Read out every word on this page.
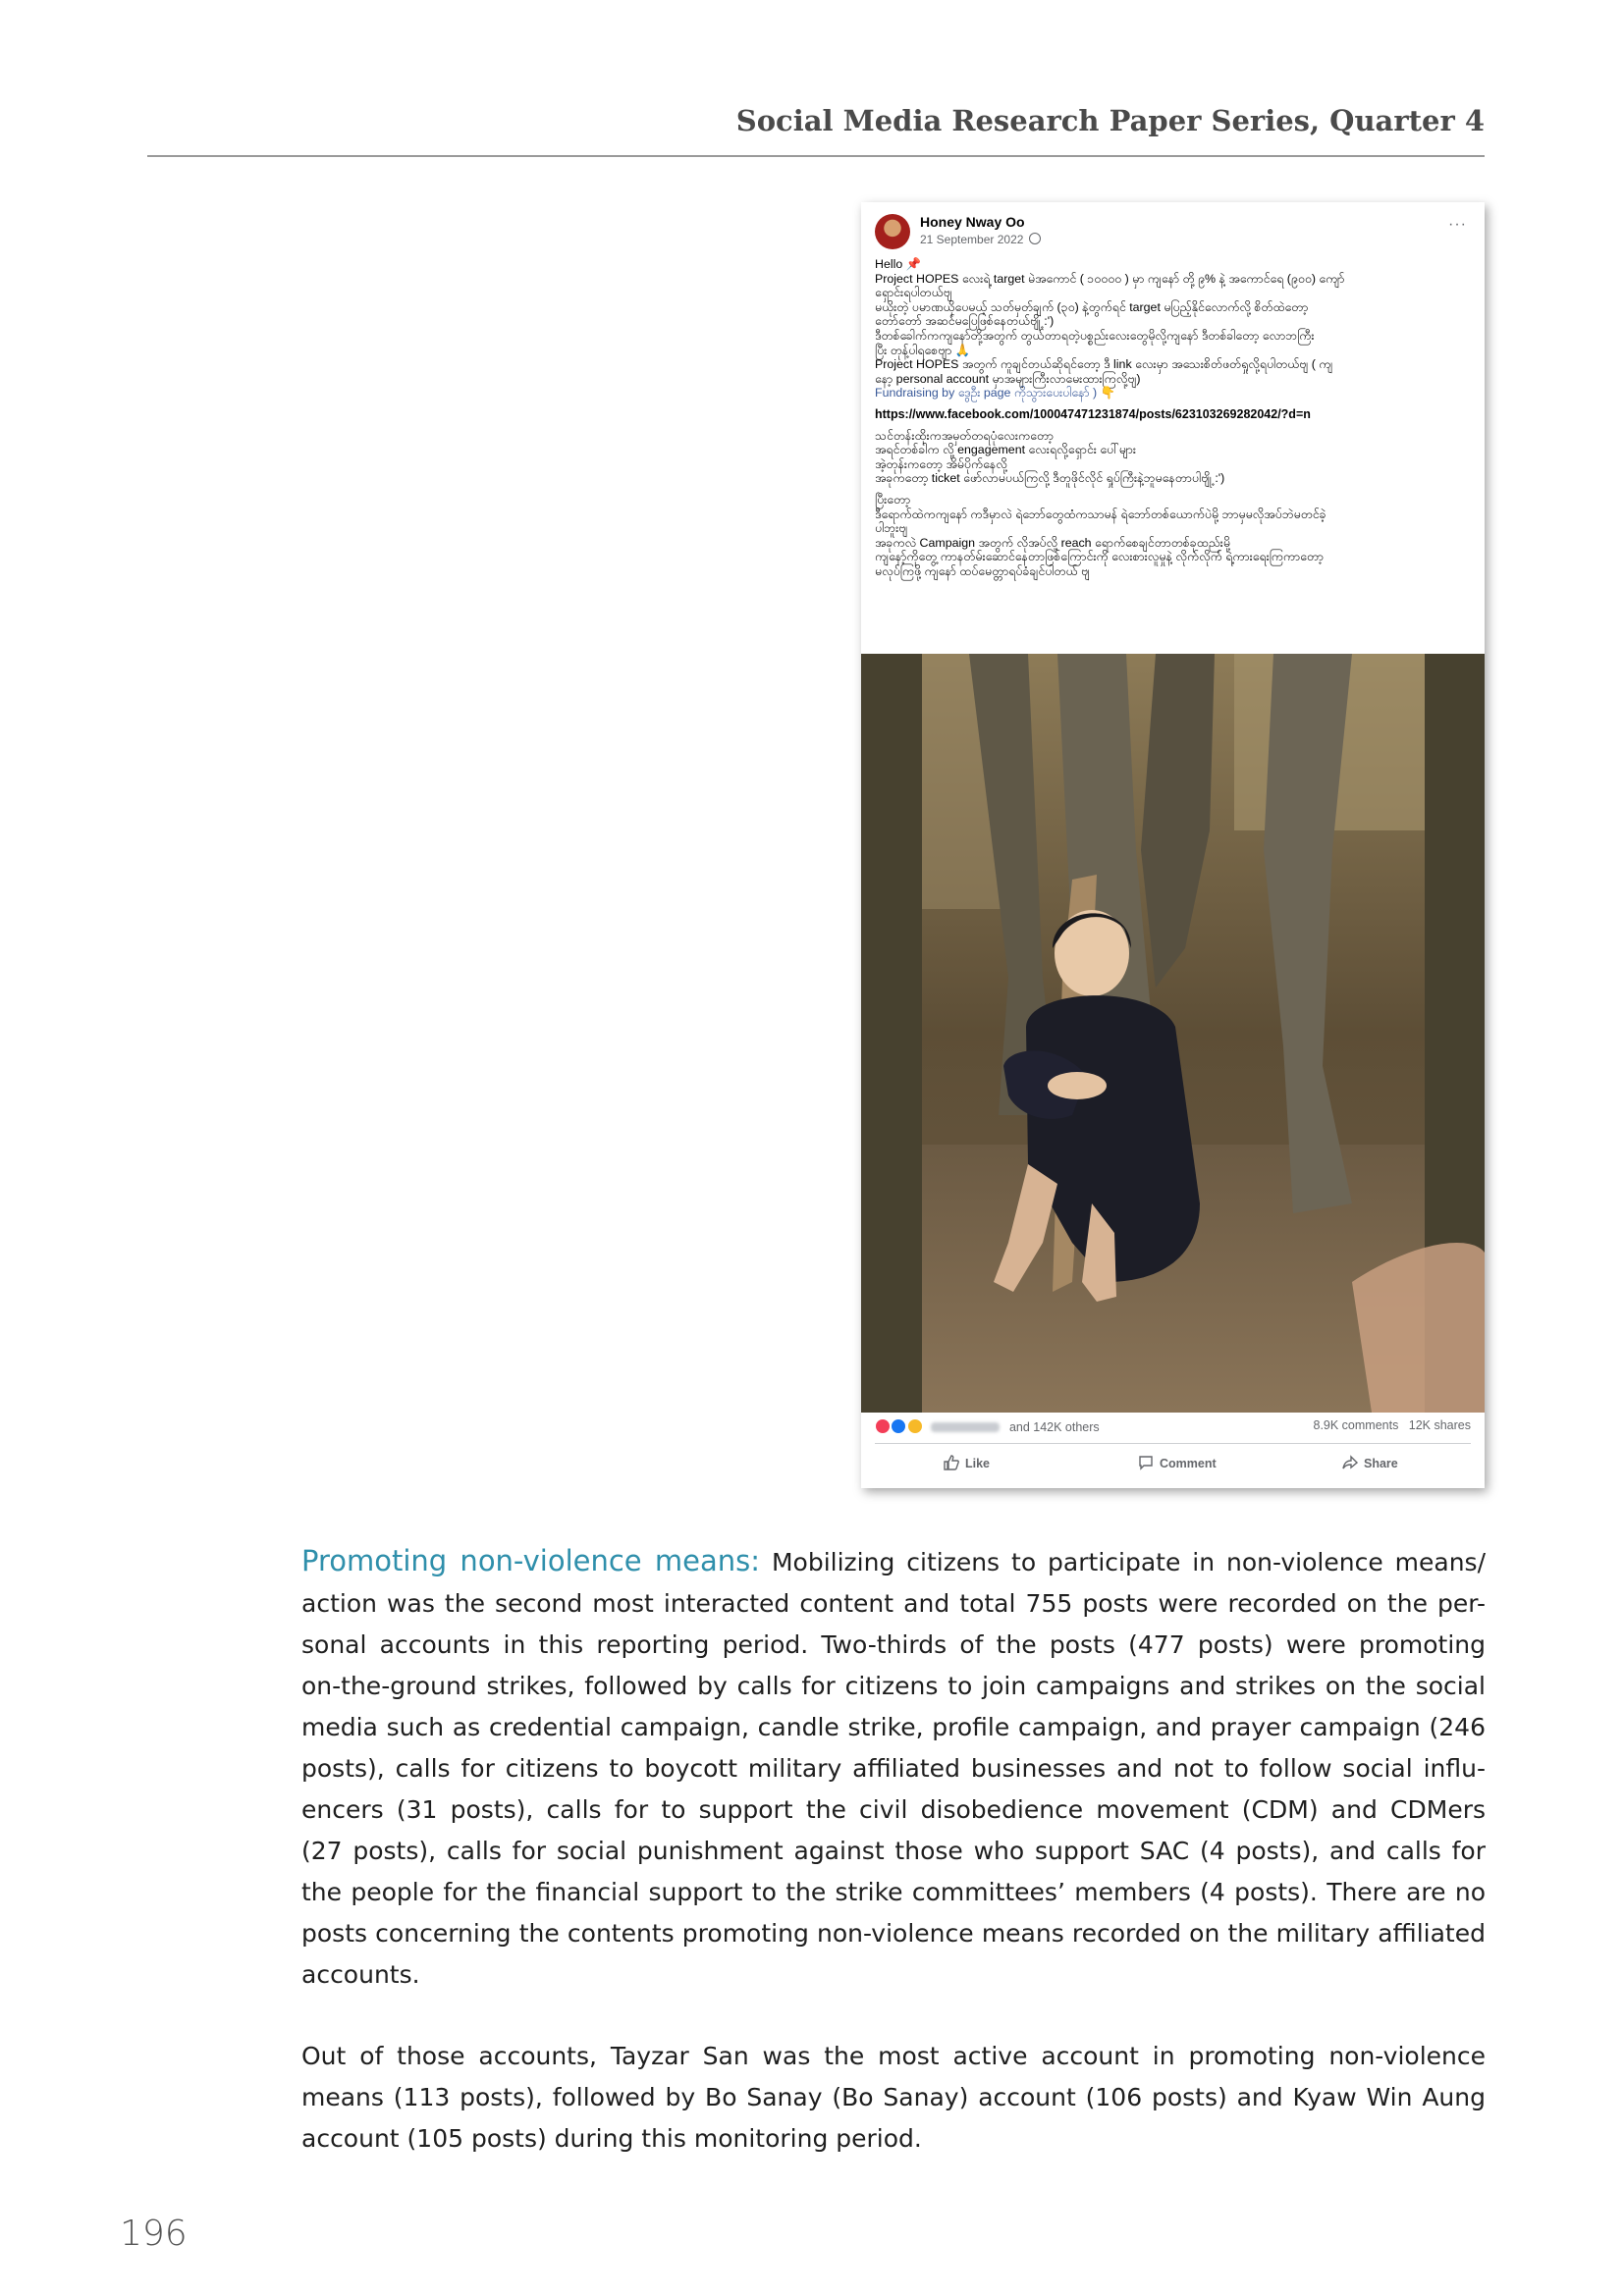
Social Media Research Paper Series, Quarter 4
Honey Nway Oo
21 September 2022
···

Hello 📌
Project HOPES လေးရဲ့ target မဲအကောင် ( ၁၀၀၀၀ ) မှာ ကျနော် တို့ ၉% နဲ့ အကောင်ရေ (၉၀၀) ကျော်
ရှောင်းရပါတယ်ဗျ
မယိုးတဲ့ ပမာဏယိုပေမယ့် သတ်မှတ်ချက် (၃၀) နဲ့တွက်ရင် target မပြည့်နိုင်လောက်လို့ စိတ်ထဲတော့
တော်တော် အဆင်မပြေဖြစ်နေတယ်ဗျို့ :')
ဒီတစ်ခေါက်ကကျနော်တို့အတွက် တွယ်တာရတဲ့ပစ္စည်းလေးတွေမိုလို့ကျနော် ဒီတစ်ခါတော့ လောဘကြီး
ပြီး တုန့်ပါရစေဗျာ 🙏
Project HOPES အတွက် ကူချင်တယ်ဆိုရင်တော့ ဒီ link လေးမှာ အသေးစိတ်ဖတ်ရှုလို့ရပါတယ်ဗျ ( ကျ
နော့ personal account မှာအများကြီးလာမေးထားကြလို့ဗျ)
Fundraising by ဒွေဦး page ကိုသွားပေးပါနော် ) 👇

https://www.facebook.com/100047471231874/posts/623103269282042/?d=n

သင်တန်းထိုးကအမှတ်တရပုံလေးကတော့
အရင်တစ်ခါက လို့ engagement လေးရလို့ရှောင်း ပေါ်များ
အဲ့တုန်းကတော့ အိမ်ပိုက်နေလို့
အခုကတော့ ticket ဖော်လာမပယ်ကြလို့ ဒီတူဖိုင်လိုင် ရှုပ်ကြီးနဲ့ဘူမနေတာပါဗျို့ :')

ပြီးတော့
ဒီရောက်ထဲကကျနော် ကဒီမှာလဲ ရဲဘော်တွေထံကသာမန် ရဲဘော်တစ်ယောက်ပဲမို့ ဘာမှမလိုအပ်ဘဲမတင်ခဲ့
ပါဘူးဗျ
အခုကလဲ Campaign အတွက် လိုအပ်လို့ reach ရောက်စေချင်တာတစ်ခုထည်းမို့
ကျနော့်ကိုတွေ့ ကာနတ်မ်းဆောင်နေတာဖြစ်ကြောင်းကို လေးစားလူမှုနဲ့ လိုက်လိုက် ရဲ့ကားရေးကြကာတော့
မလုပ်ကြဖို့ ကျနော် ထပ်မေတ္တာရပ်ခံချင်ပါတယ် ဗျ

and 142K others	8.9K comments 12K shares
Like	Comment	Share

Promoting non-violence means: Mobilizing citizens to participate in non-violence means/
action was the second most interacted content and total 755 posts were recorded on the per-
sonal accounts in this reporting period. Two-thirds of the posts (477 posts) were promoting
on-the-ground strikes, followed by calls for citizens to join campaigns and strikes on the social
media such as credential campaign, candle strike, profile campaign, and prayer campaign (246
posts), calls for citizens to boycott military affiliated businesses and not to follow social influ-
encers (31 posts), calls for to support the civil disobedience movement (CDM) and CDMers
(27 posts), calls for social punishment against those who support SAC (4 posts), and calls for
the people for the financial support to the strike committees’ members (4 posts). There are no
posts concerning the contents promoting non-violence means recorded on the military affiliated
accounts.

Out of those accounts, Tayzar San was the most active account in promoting non-violence
means (113 posts), followed by Bo Sanay (Bo Sanay) account (106 posts) and Kyaw Win Aung
account (105 posts) during this monitoring period.

196
